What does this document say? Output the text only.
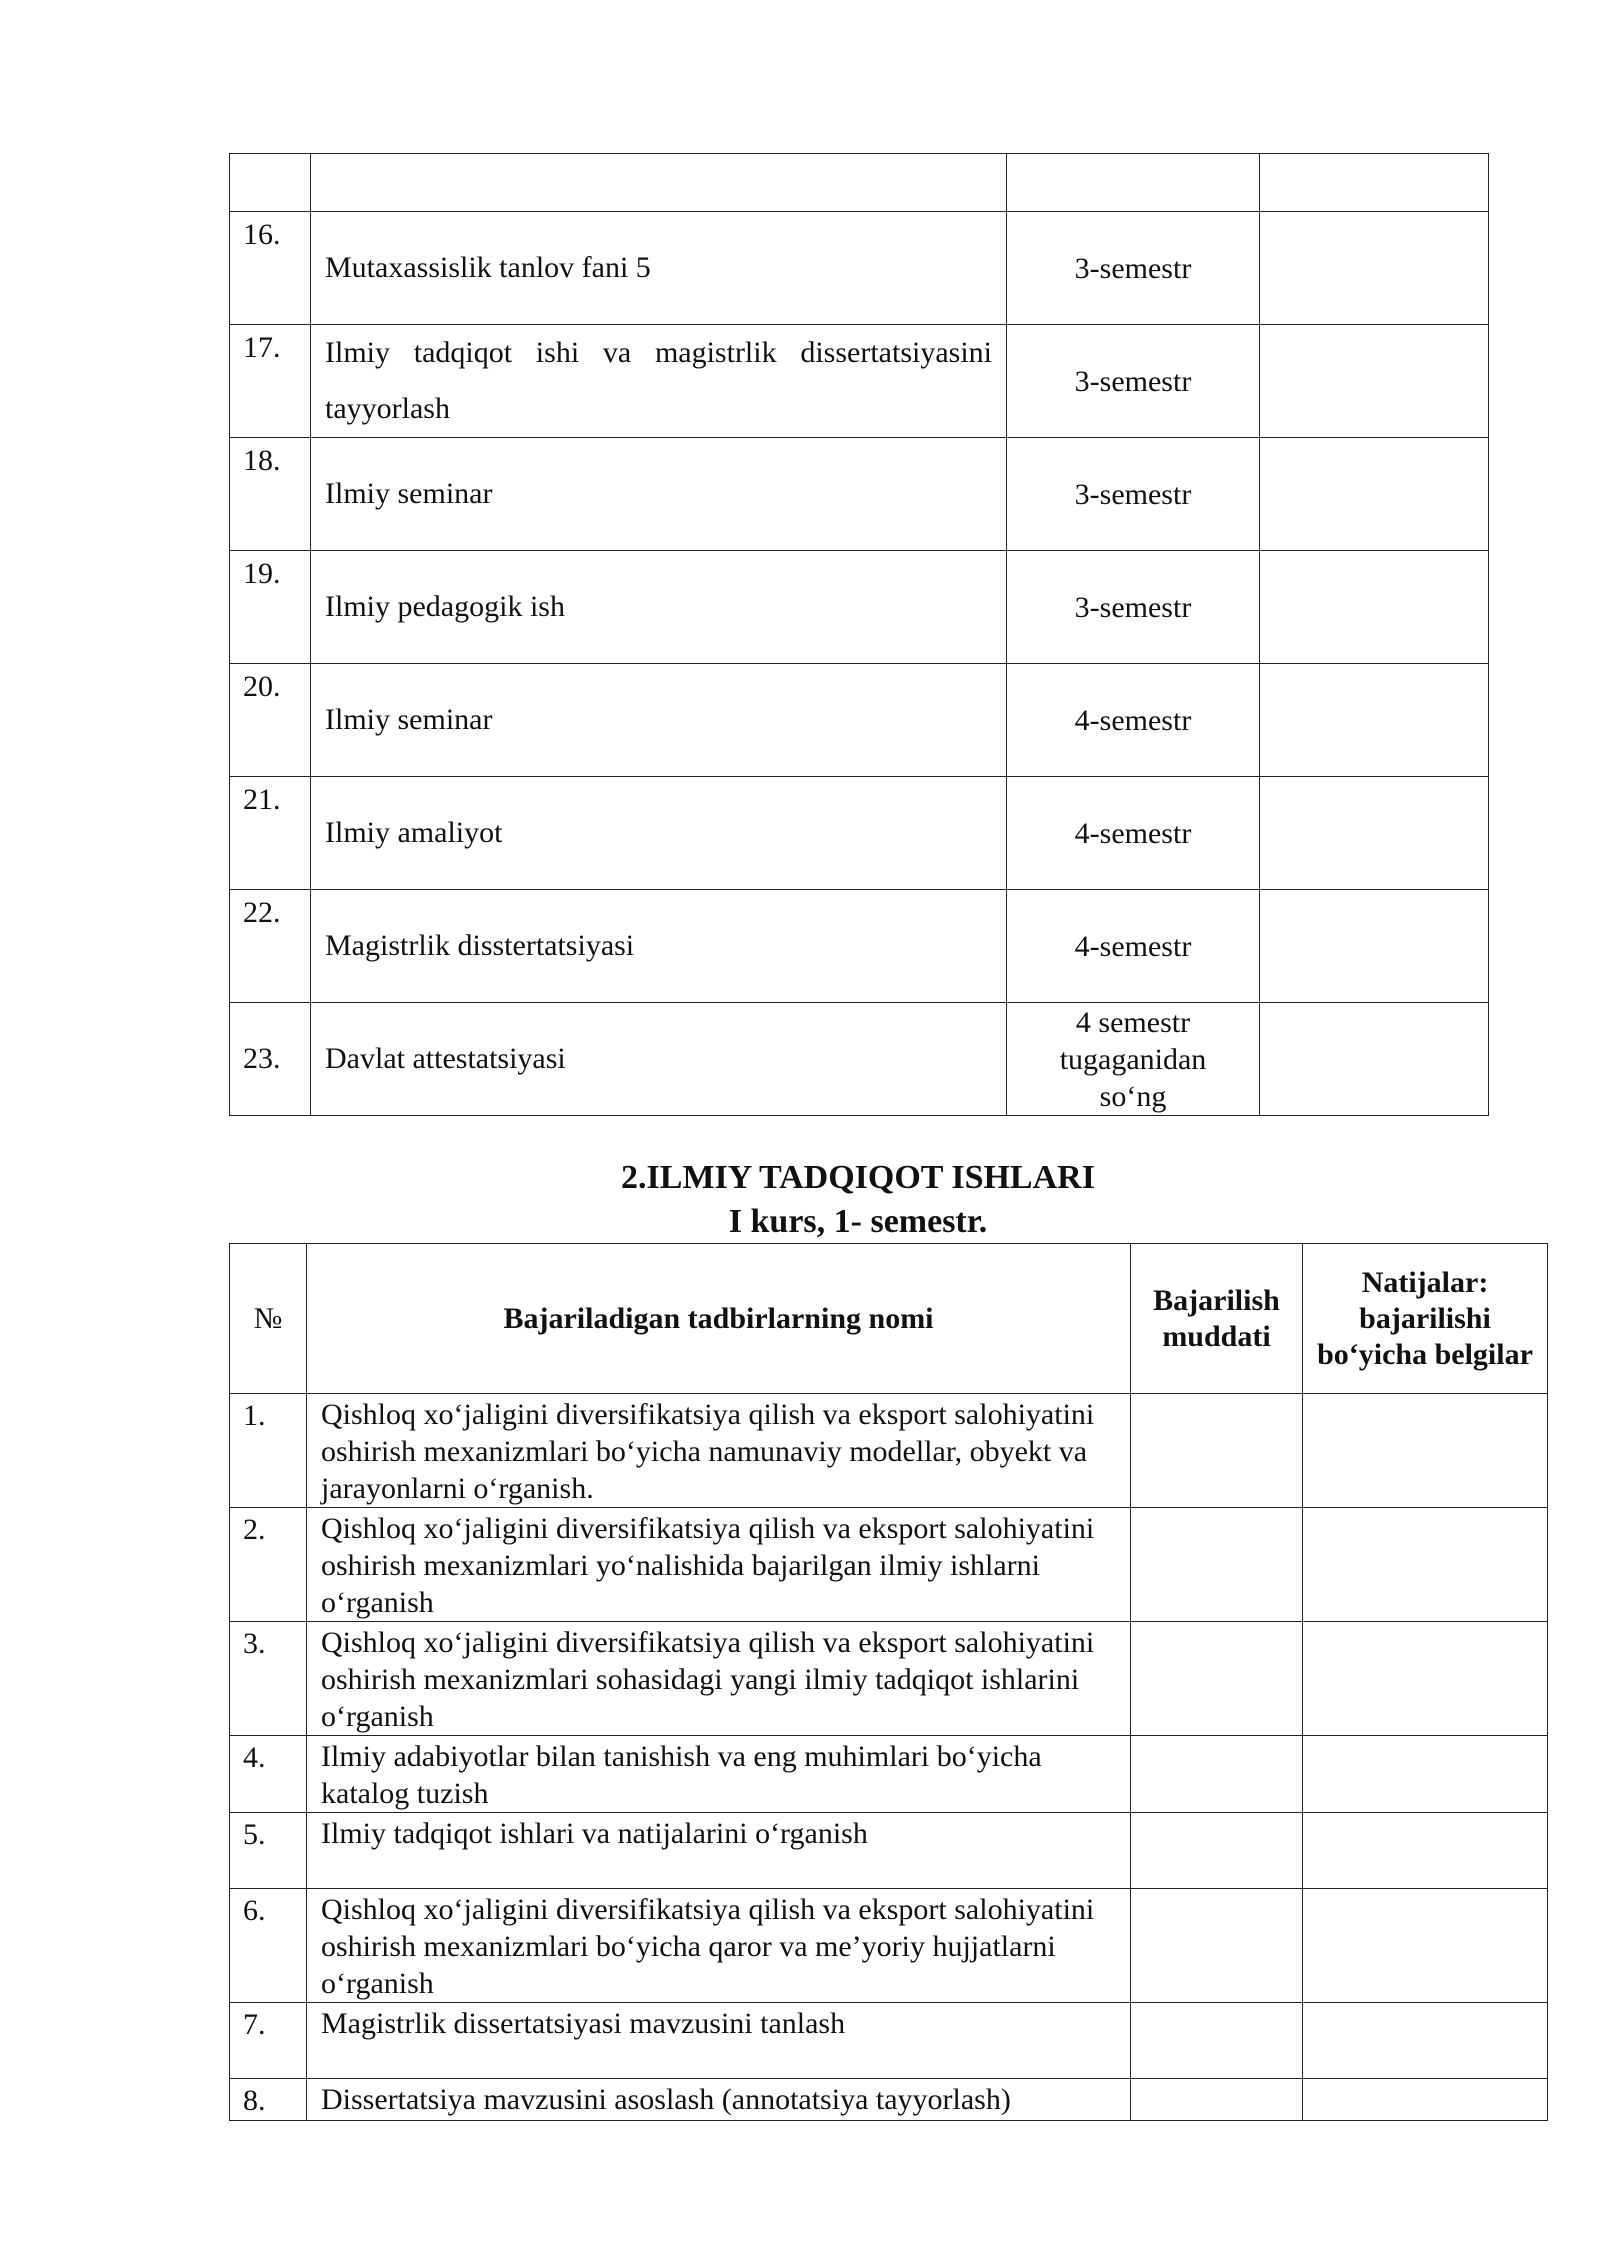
16.	Mutaxassislik tanlov fani 5	3-semestr	
17.	Ilmiy tadqiqot ishi va magistrlik dissertatsiyasini tayyorlash	3-semestr	
18.	Ilmiy seminar	3-semestr	
19.	Ilmiy pedagogik ish	3-semestr	
20.	Ilmiy seminar	4-semestr	
21.	Ilmiy amaliyot	4-semestr	
22.	Magistrlik disstertatsiyasi	4-semestr	
23.	Davlat attestatsiyasi	4 semestr tugaganidan so‘ng	
2.ILMIY TADQIQOT ISHLARI
I kurs, 1- semestr.
№	Bajariladigan tadbirlarning nomi	Bajarilish muddati	Natijalar: bajarilishi bo‘yicha belgilar
1.	Qishloq xo‘jaligini diversifikatsiya qilish va eksport salohiyatini oshirish mexanizmlari bo‘yicha namunaviy modellar, obyekt va jarayonlarni o‘rganish.		
2.	Qishloq xo‘jaligini diversifikatsiya qilish va eksport salohiyatini oshirish mexanizmlari yo‘nalishida bajarilgan ilmiy ishlarni o‘rganish		
3.	Qishloq xo‘jaligini diversifikatsiya qilish va eksport salohiyatini oshirish mexanizmlari sohasidagi yangi ilmiy tadqiqot ishlarini o‘rganish		
4.	Ilmiy adabiyotlar bilan tanishish va eng muhimlari bo‘yicha katalog tuzish		
5.	Ilmiy tadqiqot ishlari va natijalarini o‘rganish		
6.	Qishloq xo‘jaligini diversifikatsiya qilish va eksport salohiyatini oshirish mexanizmlari bo‘yicha qaror va me’yoriy hujjatlarni o‘rganish		
7.	Magistrlik dissertatsiyasi mavzusini tanlash		
8.	Dissertatsiya mavzusini asoslash (annotatsiya tayyorlash)		
